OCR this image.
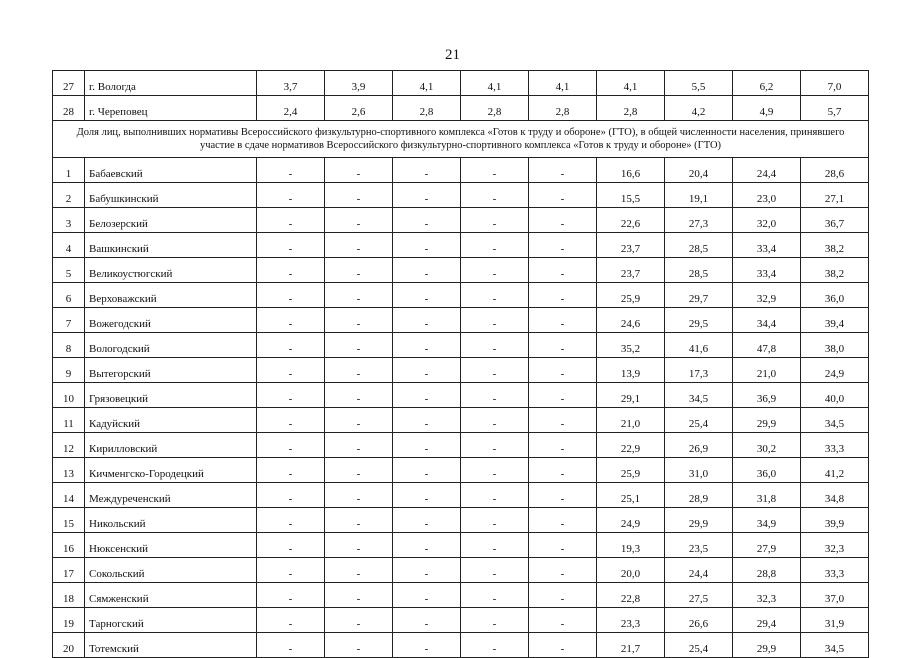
21
27	г. Вологда	3,7	3,9	4,1	4,1	4,1	4,1	5,5	6,2	7,0
28	г. Череповец	2,4	2,6	2,8	2,8	2,8	2,8	4,2	4,9	5,7
Доля лиц, выполнивших нормативы Всероссийского физкультурно-спортивного комплекса «Готов к труду и обороне» (ГТО), в общей численности населения, принявшего участие в сдаче нормативов Всероссийского физкультурно-спортивного комплекса «Готов к труду и обороне» (ГТО)										
1	Бабаевский	-	-	-	-	-	16,6	20,4	24,4	28,6
2	Бабушкинский	-	-	-	-	-	15,5	19,1	23,0	27,1
3	Белозерский	-	-	-	-	-	22,6	27,3	32,0	36,7
4	Вашкинский	-	-	-	-	-	23,7	28,5	33,4	38,2
5	Великоустюгский	-	-	-	-	-	23,7	28,5	33,4	38,2
6	Верховажский	-	-	-	-	-	25,9	29,7	32,9	36,0
7	Вожегодский	-	-	-	-	-	24,6	29,5	34,4	39,4
8	Вологодский	-	-	-	-	-	35,2	41,6	47,8	38,0
9	Вытегорский	-	-	-	-	-	13,9	17,3	21,0	24,9
10	Грязовецкий	-	-	-	-	-	29,1	34,5	36,9	40,0
11	Кадуйский	-	-	-	-	-	21,0	25,4	29,9	34,5
12	Кирилловский	-	-	-	-	-	22,9	26,9	30,2	33,3
13	Кичменгско-Городецкий	-	-	-	-	-	25,9	31,0	36,0	41,2
14	Междуреченский	-	-	-	-	-	25,1	28,9	31,8	34,8
15	Никольский	-	-	-	-	-	24,9	29,9	34,9	39,9
16	Нюксенский	-	-	-	-	-	19,3	23,5	27,9	32,3
17	Сокольский	-	-	-	-	-	20,0	24,4	28,8	33,3
18	Сямженский	-	-	-	-	-	22,8	27,5	32,3	37,0
19	Тарногский	-	-	-	-	-	23,3	26,6	29,4	31,9
20	Тотемский	-	-	-	-	-	21,7	25,4	29,9	34,5
